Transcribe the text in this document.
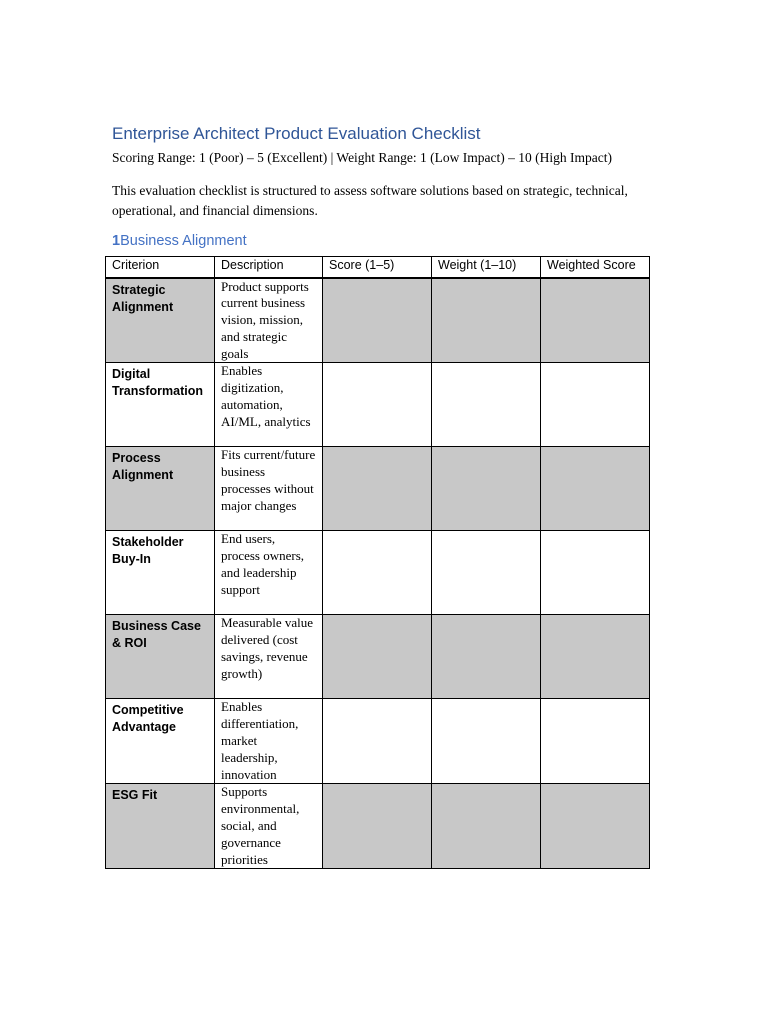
Enterprise Architect Product Evaluation Checklist
Scoring Range: 1 (Poor) – 5 (Excellent) | Weight Range: 1 (Low Impact) – 10 (High Impact)
This evaluation checklist is structured to assess software solutions based on strategic, technical, operational, and financial dimensions.
1 Business Alignment
Criterion	Description	Score (1–5)	Weight (1–10)	Weighted Score
Strategic Alignment	Product supports current business vision, mission, and strategic goals			
Digital Transformation	Enables digitization, automation, AI/ML, analytics			
Process Alignment	Fits current/future business processes without major changes			
Stakeholder Buy-In	End users, process owners, and leadership support			
Business Case & ROI	Measurable value delivered (cost savings, revenue growth)			
Competitive Advantage	Enables differentiation, market leadership, innovation			
ESG Fit	Supports environmental, social, and governance priorities			
